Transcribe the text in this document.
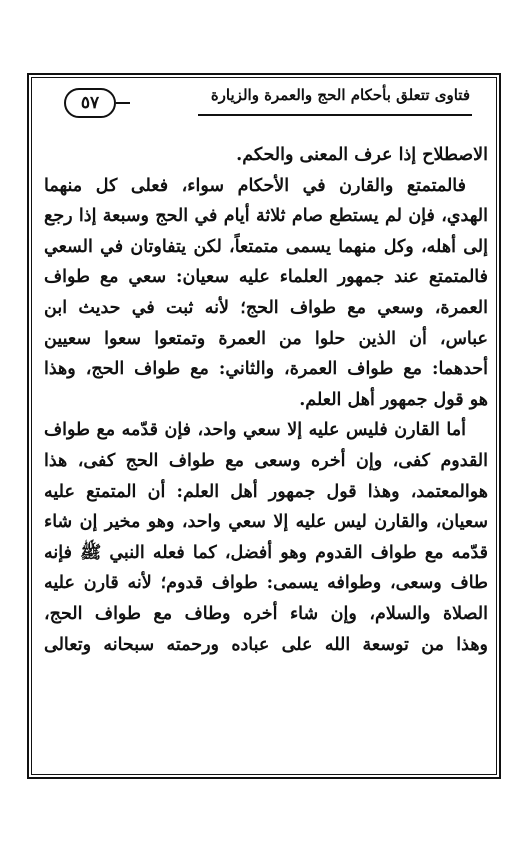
فتاوى تتعلق بأحكام الحج والعمرة والزيارة
٥٧
الاصطلاح إذا عرف المعنى والحكم.
فالمتمتع والقارن في الأحكام سواء، فعلى كل منهما
الهدي، فإن لم يستطع صام ثلاثة أيام في الحج وسبعة إذا رجع
إلى أهله، وكل منهما يسمى متمتعاً، لكن يتفاوتان في السعي
فالمتمتع عند جمهور العلماء عليه سعيان: سعي مع طواف
العمرة، وسعي مع طواف الحج؛ لأنه ثبت في حديث ابن
عباس، أن الذين حلوا من العمرة وتمتعوا سعوا سعيين
أحدهما: مع طواف العمرة، والثاني: مع طواف الحج، وهذا
هو قول جمهور أهل العلم.
أما القارن فليس عليه إلا سعي واحد، فإن قدّمه مع طواف
القدوم كفى، وإن أخره وسعى مع طواف الحج كفى، هذا
هوالمعتمد، وهذا قول جمهور أهل العلم: أن المتمتع عليه
سعيان، والقارن ليس عليه إلا سعي واحد، وهو مخير إن شاء
قدّمه مع طواف القدوم وهو أفضل، كما فعله النبي ﷺ فإنه
طاف وسعى، وطوافه يسمى: طواف قدوم؛ لأنه قارن عليه
الصلاة والسلام، وإن شاء أخره وطاف مع طواف الحج،
وهذا من توسعة الله على عباده ورحمته سبحانه وتعالى
